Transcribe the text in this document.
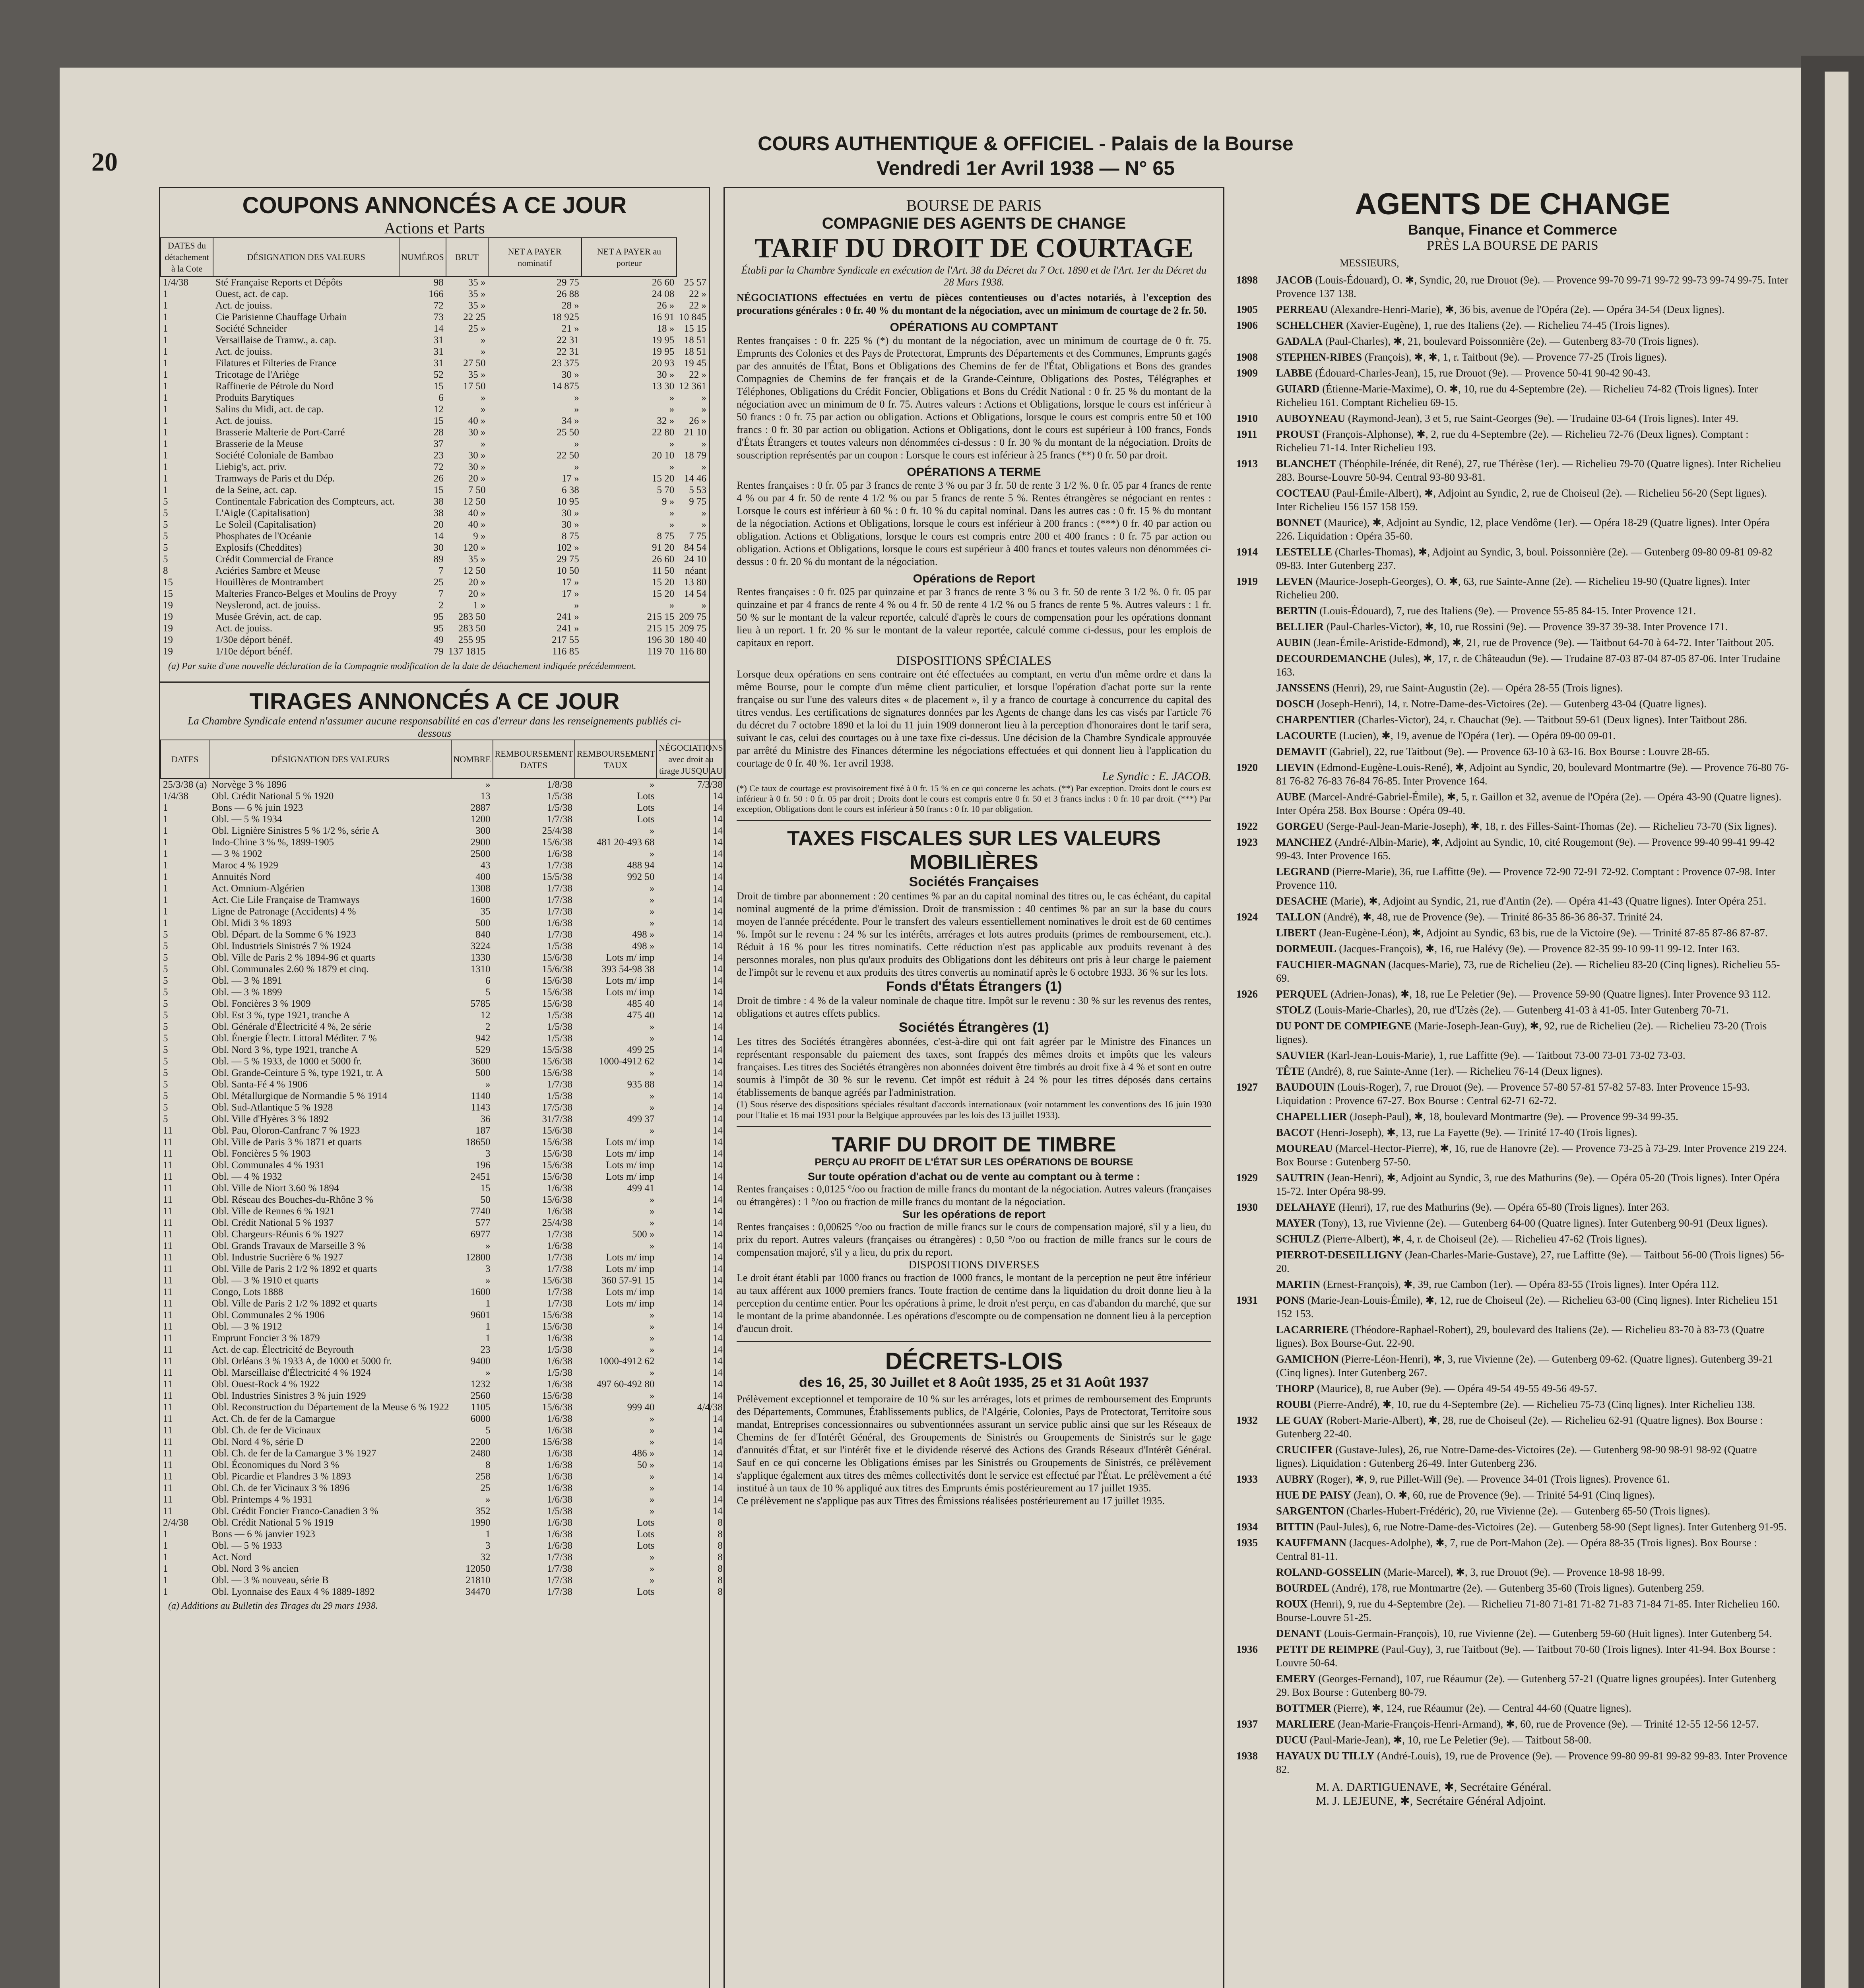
20
COURS AUTHENTIQUE & OFFICIEL - Palais de la Bourse
Vendredi 1er Avril 1938 — N° 65
COUPONS ANNONCÉS A CE JOUR
Actions et Parts
DATES du détachement à la Cote	DÉSIGNATION DES VALEURS	NUMÉROS	BRUT	NET A PAYER nominatif	NET A PAYER au porteur	
1/4/38	Sté Française Reports et Dépôts	98	35 »	29 75	26 60	25 57
1	Ouest, act. de cap.	166	35 »	26 88	24 08	22 »
1	Act. de jouiss.	72	35 »	28 »	26 »	22 »
1	Cie Parisienne Chauffage Urbain	73	22 25	18 925	16 91	10 845
1	Société Schneider	14	25 »	21 »	18 »	15 15
1	Versaillaise de Tramw., a. cap.	31	»	22 31	19 95	18 51
1	Act. de jouiss.	31	»	22 31	19 95	18 51
1	Filatures et Filteries de France	31	27 50	23 375	20 93	19 45
1	Tricotage de l'Ariège	52	35 »	30 »	30 »	22 »
1	Raffinerie de Pétrole du Nord	15	17 50	14 875	13 30	12 361
1	Produits Barytiques	6	»	»	»	»
1	Salins du Midi, act. de cap.	12	»	»	»	»
1	Act. de jouiss.	15	40 »	34 »	32 »	26 »
1	Brasserie Malterie de Port-Carré	28	30 »	25 50	22 80	21 10
1	Brasserie de la Meuse	37	»	»	»	»
1	Société Coloniale de Bambao	23	30 »	22 50	20 10	18 79
1	Liebig's, act. priv.	72	30 »	»	»	»
1	Tramways de Paris et du Dép.	26	20 »	17 »	15 20	14 46
1	de la Seine, act. cap.	15	7 50	6 38	5 70	5 53
5	Continentale Fabrication des Compteurs, act.	38	12 50	10 95	9 »	9 75
5	L'Aigle (Capitalisation)	38	40 »	30 »	»	»
5	Le Soleil (Capitalisation)	20	40 »	30 »	»	»
5	Phosphates de l'Océanie	14	9 »	8 75	8 75	7 75
5	Explosifs (Cheddites)	30	120 »	102 »	91 20	84 54
5	Crédit Commercial de France	89	35 »	29 75	26 60	24 10
8	Aciéries Sambre et Meuse	7	12 50	10 50	11 50	néant
15	Houillères de Montrambert	25	20 »	17 »	15 20	13 80
15	Malteries Franco-Belges et Moulins de Proyy	7	20 »	17 »	15 20	14 54
19	Neyslerond, act. de jouiss.	2	1 »	»	»	»
19	Musée Grévin, act. de cap.	95	283 50	241 »	215 15	209 75
19	Act. de jouiss.	95	283 50	241 »	215 15	209 75
19	1/30e déport bénéf.	49	255 95	217 55	196 30	180 40
19	1/10e déport bénéf.	79	137 1815	116 85	119 70	116 80
(a) Par suite d'une nouvelle déclaration de la Compagnie modification de la date de détachement indiquée précédemment.
TIRAGES ANNONCÉS A CE JOUR
La Chambre Syndicale entend n'assumer aucune responsabilité en cas d'erreur dans les renseignements publiés ci-dessous
DATES	DÉSIGNATION DES VALEURS	NOMBRE	REMBOURSEMENT DATES	REMBOURSEMENT TAUX	NÉGOCIATIONS avec droit au tirage JUSQU'AU
25/3/38 (a)	Norvège 3 % 1896	»	1/8/38	»	7/3/38
1/4/38	Obl. Crédit National 5 % 1920	13	1/5/38	Lots	14
1	Bons — 6 % juin 1923	2887	1/5/38	Lots	14
1	Obl. — 5 % 1934	1200	1/7/38	Lots	14
1	Obl. Lignière Sinistres 5 % 1/2 %, série A	300	25/4/38	»	14
1	Indo-Chine 3 % %, 1899-1905	2900	15/6/38	481 20-493 68	14
1	— 3 % 1902	2500	1/6/38	»	14
1	Maroc 4 % 1929	43	1/7/38	488 94	14
1	Annuités Nord	400	15/5/38	992 50	14
1	Act. Omnium-Algérien	1308	1/7/38	»	14
1	Act. Cie Lile Française de Tramways	1600	1/7/38	»	14
1	Ligne de Patronage (Accidents) 4 %	35	1/7/38	»	14
1	Obl. Midi 3 % 1893	500	1/6/38	»	14
5	Obl. Départ. de la Somme 6 % 1923	840	1/7/38	498 »	14
5	Obl. Industriels Sinistrés 7 % 1924	3224	1/5/38	498 »	14
5	Obl. Ville de Paris 2 % 1894-96 et quarts	1330	15/6/38	Lots m/ imp	14
5	Obl. Communales 2.60 % 1879 et cinq.	1310	15/6/38	393 54-98 38	14
5	Obl. — 3 % 1891	6	15/6/38	Lots m/ imp	14
5	Obl. — 3 % 1899	5	15/6/38	Lots m/ imp	14
5	Obl. Foncières 3 % 1909	5785	15/6/38	485 40	14
5	Obl. Est 3 %, type 1921, tranche A	12	1/5/38	475 40	14
5	Obl. Générale d'Électricité 4 %, 2e série	2	1/5/38	»	14
5	Obl. Énergie Électr. Littoral Méditer. 7 %	942	1/5/38	»	14
5	Obl. Nord 3 %, type 1921, tranche A	529	15/5/38	499 25	14
5	Obl. — 5 % 1933, de 1000 et 5000 fr.	3600	15/6/38	1000-4912 62	14
5	Obl. Grande-Ceinture 5 %, type 1921, tr. A	500	15/6/38	»	14
5	Obl. Santa-Fé 4 % 1906	»	1/7/38	935 88	14
5	Obl. Métallurgique de Normandie 5 % 1914	1140	1/5/38	»	14
5	Obl. Sud-Atlantique 5 % 1928	1143	17/5/38	»	14
5	Obl. Ville d'Hyères 3 % 1892	36	31/7/38	499 37	14
11	Obl. Pau, Oloron-Canfranc 7 % 1923	187	15/6/38	»	14
11	Obl. Ville de Paris 3 % 1871 et quarts	18650	15/6/38	Lots m/ imp	14
11	Obl. Foncières 5 % 1903	3	15/6/38	Lots m/ imp	14
11	Obl. Communales 4 % 1931	196	15/6/38	Lots m/ imp	14
11	Obl. — 4 % 1932	2451	15/6/38	Lots m/ imp	14
11	Obl. Ville de Niort 3.60 % 1894	15	1/6/38	499 41	14
11	Obl. Réseau des Bouches-du-Rhône 3 %	50	15/6/38	»	14
11	Obl. Ville de Rennes 6 % 1921	7740	1/6/38	»	14
11	Obl. Crédit National 5 % 1937	577	25/4/38	»	14
11	Obl. Chargeurs-Réunis 6 % 1927	6977	1/7/38	500 »	14
11	Obl. Grands Travaux de Marseille 3 %	»	1/6/38	»	14
11	Obl. Industrie Sucrière 6 % 1927	12800	1/7/38	Lots m/ imp	14
11	Obl. Ville de Paris 2 1/2 % 1892 et quarts	3	1/7/38	Lots m/ imp	14
11	Obl. — 3 % 1910 et quarts	»	15/6/38	360 57-91 15	14
11	Congo, Lots 1888	1600	1/7/38	Lots m/ imp	14
11	Obl. Ville de Paris 2 1/2 % 1892 et quarts	1	1/7/38	Lots m/ imp	14
11	Obl. Communales 2 % 1906	9601	15/6/38	»	14
11	Obl. — 3 % 1912	1	15/6/38	»	14
11	Emprunt Foncier 3 % 1879	1	1/6/38	»	14
11	Act. de cap. Électricité de Beyrouth	23	1/5/38	»	14
11	Obl. Orléans 3 % 1933 A, de 1000 et 5000 fr.	9400	1/6/38	1000-4912 62	14
11	Obl. Marseillaise d'Électricité 4 % 1924	»	1/5/38	»	14
11	Obl. Ouest-Rock 4 % 1922	1232	1/6/38	497 60-492 80	14
11	Obl. Industries Sinistres 3 % juin 1929	2560	15/6/38	»	14
11	Obl. Reconstruction du Département de la Meuse 6 % 1922	1105	15/6/38	999 40	4/4/38
11	Act. Ch. de fer de la Camargue	6000	1/6/38	»	14
11	Obl. Ch. de fer de Vicinaux	5	1/6/38	»	14
11	Obl. Nord 4 %, série D	2200	15/6/38	»	14
11	Obl. Ch. de fer de la Camargue 3 % 1927	2480	1/6/38	486 »	14
11	Obl. Économiques du Nord 3 %	8	1/6/38	50 »	14
11	Obl. Picardie et Flandres 3 % 1893	258	1/6/38	»	14
11	Obl. Ch. de fer Vicinaux 3 % 1896	25	1/6/38	»	14
11	Obl. Printemps 4 % 1931	»	1/6/38	»	14
11	Obl. Crédit Foncier Franco-Canadien 3 %	352	1/5/38	»	14
2/4/38	Obl. Crédit National 5 % 1919	1990	1/6/38	Lots	8
1	Bons — 6 % janvier 1923	1	1/6/38	Lots	8
1	Obl. — 5 % 1933	3	1/6/38	Lots	8
1	Act. Nord	32	1/7/38	»	8
1	Obl. Nord 3 % ancien	12050	1/7/38	»	8
1	Obl. — 3 % nouveau, série B	21810	1/7/38	»	8
1	Obl. Lyonnaise des Eaux 4 % 1889-1892	34470	1/7/38	Lots	8
(a) Additions au Bulletin des Tirages du 29 mars 1938.
BOURSE DE PARIS
COMPAGNIE DES AGENTS DE CHANGE
TARIF DU DROIT DE COURTAGE
Établi par la Chambre Syndicale en exécution de l'Art. 38 du Décret du 7 Oct. 1890 et de l'Art. 1er du Décret du 28 Mars 1938.
NÉGOCIATIONS effectuées en vertu de pièces contentieuses ou d'actes notariés, à l'exception des procurations générales : 0 fr. 40 % du montant de la négociation, avec un minimum de courtage de 2 fr. 50.
OPÉRATIONS AU COMPTANT
Rentes françaises : 0 fr. 225 % (*) du montant de la négociation, avec un minimum de courtage de 0 fr. 75. Emprunts des Colonies et des Pays de Protectorat, Emprunts des Départements et des Communes, Emprunts gagés par des annuités de l'État, Bons et Obligations des Chemins de fer de l'État, Obligations et Bons des grandes Compagnies de Chemins de fer français et de la Grande-Ceinture, Obligations des Postes, Télégraphes et Téléphones, Obligations du Crédit Foncier, Obligations et Bons du Crédit National : 0 fr. 25 % du montant de la négociation avec un minimum de 0 fr. 75. Autres valeurs : Actions et Obligations, lorsque le cours est inférieur à 50 francs : 0 fr. 75 par action ou obligation. Actions et Obligations, lorsque le cours est compris entre 50 et 100 francs : 0 fr. 30 par action ou obligation. Actions et Obligations, dont le cours est supérieur à 100 francs, Fonds d'États Étrangers et toutes valeurs non dénommées ci-dessus : 0 fr. 30 % du montant de la négociation. Droits de souscription représentés par un coupon : Lorsque le cours est inférieur à 25 francs (**) 0 fr. 50 par droit.
OPÉRATIONS A TERME
Rentes françaises : 0 fr. 05 par 3 francs de rente 3 % ou par 3 fr. 50 de rente 3 1/2 %. 0 fr. 05 par 4 francs de rente 4 % ou par 4 fr. 50 de rente 4 1/2 % ou par 5 francs de rente 5 %. Rentes étrangères se négociant en rentes : Lorsque le cours est inférieur à 60 % : 0 fr. 10 % du capital nominal. Dans les autres cas : 0 fr. 15 % du montant de la négociation. Actions et Obligations, lorsque le cours est inférieur à 200 francs : (***) 0 fr. 40 par action ou obligation. Actions et Obligations, lorsque le cours est compris entre 200 et 400 francs : 0 fr. 75 par action ou obligation. Actions et Obligations, lorsque le cours est supérieur à 400 francs et toutes valeurs non dénommées ci-dessus : 0 fr. 20 % du montant de la négociation.
Opérations de Report
Rentes françaises : 0 fr. 025 par quinzaine et par 3 francs de rente 3 % ou 3 fr. 50 de rente 3 1/2 %. 0 fr. 05 par quinzaine et par 4 francs de rente 4 % ou 4 fr. 50 de rente 4 1/2 % ou 5 francs de rente 5 %. Autres valeurs : 1 fr. 50 % sur le montant de la valeur reportée, calculé d'après le cours de compensation pour les opérations donnant lieu à un report. 1 fr. 20 % sur le montant de la valeur reportée, calculé comme ci-dessus, pour les emplois de capitaux en report.
DISPOSITIONS SPÉCIALES
Lorsque deux opérations en sens contraire ont été effectuées au comptant, en vertu d'un même ordre et dans la même Bourse, pour le compte d'un même client particulier, et lorsque l'opération d'achat porte sur la rente française ou sur l'une des valeurs dites « de placement », il y a franco de courtage à concurrence du capital des titres vendus. Les certifications de signatures données par les Agents de change dans les cas visés par l'article 76 du décret du 7 octobre 1890 et la loi du 11 juin 1909 donneront lieu à la perception d'honoraires dont le tarif sera, suivant le cas, celui des courtages ou à une taxe fixe ci-dessus. Une décision de la Chambre Syndicale approuvée par arrêté du Ministre des Finances détermine les négociations effectuées et qui donnent lieu à l'application du courtage de 0 fr. 40 %. 1er avril 1938.
Le Syndic : E. JACOB.
(*) Ce taux de courtage est provisoirement fixé à 0 fr. 15 % en ce qui concerne les achats. (**) Par exception. Droits dont le cours est inférieur à 0 fr. 50 : 0 fr. 05 par droit ; Droits dont le cours est compris entre 0 fr. 50 et 3 francs inclus : 0 fr. 10 par droit. (***) Par exception, Obligations dont le cours est inférieur à 50 francs : 0 fr. 10 par obligation.
TAXES FISCALES SUR LES VALEURS MOBILIÈRES
Sociétés Françaises
Droit de timbre par abonnement : 20 centimes % par an du capital nominal des titres ou, le cas échéant, du capital nominal augmenté de la prime d'émission. Droit de transmission : 40 centimes % par an sur la base du cours moyen de l'année précédente. Pour le transfert des valeurs essentiellement nominatives le droit est de 60 centimes %. Impôt sur le revenu : 24 % sur les intérêts, arrérages et lots autres produits (primes de remboursement, etc.). Réduit à 16 % pour les titres nominatifs. Cette réduction n'est pas applicable aux produits revenant à des personnes morales, non plus qu'aux produits des Obligations dont les débiteurs ont pris à leur charge le paiement de l'impôt sur le revenu et aux produits des titres convertis au nominatif après le 6 octobre 1933. 36 % sur les lots.
Fonds d'États Étrangers (1)
Droit de timbre : 4 % de la valeur nominale de chaque titre. Impôt sur le revenu : 30 % sur les revenus des rentes, obligations et autres effets publics.
Sociétés Étrangères (1)
Les titres des Sociétés étrangères abonnées, c'est-à-dire qui ont fait agréer par le Ministre des Finances un représentant responsable du paiement des taxes, sont frappés des mêmes droits et impôts que les valeurs françaises. Les titres des Sociétés étrangères non abonnées doivent être timbrés au droit fixe à 4 % et sont en outre soumis à l'impôt de 30 % sur le revenu. Cet impôt est réduit à 24 % pour les titres déposés dans certains établissements de banque agréés par l'administration.
(1) Sous réserve des dispositions spéciales résultant d'accords internationaux (voir notamment les conventions des 16 juin 1930 pour l'Italie et 16 mai 1931 pour la Belgique approuvées par les lois des 13 juillet 1933).
TARIF DU DROIT DE TIMBRE
PERÇU AU PROFIT DE L'ÉTAT SUR LES OPÉRATIONS DE BOURSE
Sur toute opération d'achat ou de vente au comptant ou à terme :
Rentes françaises : 0,0125 °/oo ou fraction de mille francs du montant de la négociation. Autres valeurs (françaises ou étrangères) : 1 °/oo ou fraction de mille francs du montant de la négociation.
Sur les opérations de report
Rentes françaises : 0,00625 °/oo ou fraction de mille francs sur le cours de compensation majoré, s'il y a lieu, du prix du report. Autres valeurs (françaises ou étrangères) : 0,50 °/oo ou fraction de mille francs sur le cours de compensation majoré, s'il y a lieu, du prix du report.
DISPOSITIONS DIVERSES
Le droit étant établi par 1000 francs ou fraction de 1000 francs, le montant de la perception ne peut être inférieur au taux afférent aux 1000 premiers francs. Toute fraction de centime dans la liquidation du droit donne lieu à la perception du centime entier. Pour les opérations à prime, le droit n'est perçu, en cas d'abandon du marché, que sur le montant de la prime abandonnée. Les opérations d'escompte ou de compensation ne donnent lieu à la perception d'aucun droit.
DÉCRETS-LOIS
des 16, 25, 30 Juillet et 8 Août 1935, 25 et 31 Août 1937
Prélèvement exceptionnel et temporaire de 10 % sur les arrérages, lots et primes de remboursement des Emprunts des Départements, Communes, Établissements publics, de l'Algérie, Colonies, Pays de Protectorat, Territoire sous mandat, Entreprises concessionnaires ou subventionnées assurant un service public ainsi que sur les Réseaux de Chemins de fer d'Intérêt Général, des Groupements de Sinistrés ou Groupements de Sinistrés sur le gage d'annuités d'État, et sur l'intérêt fixe et le dividende réservé des Actions des Grands Réseaux d'Intérêt Général. Sauf en ce qui concerne les Obligations émises par les Sinistrés ou Groupements de Sinistrés, ce prélèvement s'applique également aux titres des mêmes collectivités dont le service est effectué par l'État. Le prélèvement a été institué à un taux de 10 % appliqué aux titres des Emprunts émis postérieurement au 17 juillet 1935.
Ce prélèvement ne s'applique pas aux Titres des Émissions réalisées postérieurement au 17 juillet 1935.
AGENTS DE CHANGE
Banque, Finance et Commerce
PRÈS LA BOURSE DE PARIS
MESSIEURS,
1898 JACOB (Louis-Édouard), O. ✱, Syndic, 20, rue Drouot (9e). — Provence 99-70 99-71 99-72 99-73 99-74 99-75. Inter Provence 137 138.
1905 PERREAU (Alexandre-Henri-Marie), ✱, 36 bis, avenue de l'Opéra (2e). — Opéra 34-54 (Deux lignes).
1906 SCHELCHER (Xavier-Eugène), 1, rue des Italiens (2e). — Richelieu 74-45 (Trois lignes).
GADALA (Paul-Charles), ✱, 21, boulevard Poissonnière (2e). — Gutenberg 83-70 (Trois lignes).
1908 STEPHEN-RIBES (François), ✱, ✱, 1, r. Taitbout (9e). — Provence 77-25 (Trois lignes).
1909 LABBE (Édouard-Charles-Jean), 15, rue Drouot (9e). — Provence 50-41 90-42 90-43.
GUIARD (Étienne-Marie-Maxime), O. ✱, 10, rue du 4-Septembre (2e). — Richelieu 74-82 (Trois lignes). Inter Richelieu 161. Comptant Richelieu 69-15.
1910 AUBOYNEAU (Raymond-Jean), 3 et 5, rue Saint-Georges (9e). — Trudaine 03-64 (Trois lignes). Inter 49.
1911 PROUST (François-Alphonse), ✱, 2, rue du 4-Septembre (2e). — Richelieu 72-76 (Deux lignes). Comptant : Richelieu 71-14. Inter Richelieu 193.
1913 BLANCHET (Théophile-Irénée, dit René), 27, rue Thérèse (1er). — Richelieu 79-70 (Quatre lignes). Inter Richelieu 283. Bourse-Louvre 50-94. Central 93-80 93-81.
COCTEAU (Paul-Émile-Albert), ✱, Adjoint au Syndic, 2, rue de Choiseul (2e). — Richelieu 56-20 (Sept lignes). Inter Richelieu 156 157 158 159.
BONNET (Maurice), ✱, Adjoint au Syndic, 12, place Vendôme (1er). — Opéra 18-29 (Quatre lignes). Inter Opéra 226. Liquidation : Opéra 35-60.
1914 LESTELLE (Charles-Thomas), ✱, Adjoint au Syndic, 3, boul. Poissonnière (2e). — Gutenberg 09-80 09-81 09-82 09-83. Inter Gutenberg 237.
1919 LEVEN (Maurice-Joseph-Georges), O. ✱, 63, rue Sainte-Anne (2e). — Richelieu 19-90 (Quatre lignes). Inter Richelieu 200.
BERTIN (Louis-Édouard), 7, rue des Italiens (9e). — Provence 55-85 84-15. Inter Provence 121.
BELLIER (Paul-Charles-Victor), ✱, 10, rue Rossini (9e). — Provence 39-37 39-38. Inter Provence 171.
AUBIN (Jean-Émile-Aristide-Edmond), ✱, 21, rue de Provence (9e). — Taitbout 64-70 à 64-72. Inter Taitbout 205.
DECOURDEMANCHE (Jules), ✱, 17, r. de Châteaudun (9e). — Trudaine 87-03 87-04 87-05 87-06. Inter Trudaine 163.
JANSSENS (Henri), 29, rue Saint-Augustin (2e). — Opéra 28-55 (Trois lignes).
DOSCH (Joseph-Henri), 14, r. Notre-Dame-des-Victoires (2e). — Gutenberg 43-04 (Quatre lignes).
CHARPENTIER (Charles-Victor), 24, r. Chauchat (9e). — Taitbout 59-61 (Deux lignes). Inter Taitbout 286.
LACOURTE (Lucien), ✱, 19, avenue de l'Opéra (1er). — Opéra 09-00 09-01.
DEMAVIT (Gabriel), 22, rue Taitbout (9e). — Provence 63-10 à 63-16. Box Bourse : Louvre 28-65.
1920 LIEVIN (Edmond-Eugène-Louis-René), ✱, Adjoint au Syndic, 20, boulevard Montmartre (9e). — Provence 76-80 76-81 76-82 76-83 76-84 76-85. Inter Provence 164.
AUBE (Marcel-André-Gabriel-Émile), ✱, 5, r. Gaillon et 32, avenue de l'Opéra (2e). — Opéra 43-90 (Quatre lignes). Inter Opéra 258. Box Bourse : Opéra 09-40.
1922 GORGEU (Serge-Paul-Jean-Marie-Joseph), ✱, 18, r. des Filles-Saint-Thomas (2e). — Richelieu 73-70 (Six lignes).
1923 MANCHEZ (André-Albin-Marie), ✱, Adjoint au Syndic, 10, cité Rougemont (9e). — Provence 99-40 99-41 99-42 99-43. Inter Provence 165.
LEGRAND (Pierre-Marie), 36, rue Laffitte (9e). — Provence 72-90 72-91 72-92. Comptant : Provence 07-98. Inter Provence 110.
DESACHE (Marie), ✱, Adjoint au Syndic, 21, rue d'Antin (2e). — Opéra 41-43 (Quatre lignes). Inter Opéra 251.
1924 TALLON (André), ✱, 48, rue de Provence (9e). — Trinité 86-35 86-36 86-37. Trinité 24.
LIBERT (Jean-Eugène-Léon), ✱, Adjoint au Syndic, 63 bis, rue de la Victoire (9e). — Trinité 87-85 87-86 87-87.
DORMEUIL (Jacques-François), ✱, 16, rue Halévy (9e). — Provence 82-35 99-10 99-11 99-12. Inter 163.
FAUCHIER-MAGNAN (Jacques-Marie), 73, rue de Richelieu (2e). — Richelieu 83-20 (Cinq lignes). Richelieu 55-69.
1926 PERQUEL (Adrien-Jonas), ✱, 18, rue Le Peletier (9e). — Provence 59-90 (Quatre lignes). Inter Provence 93 112.
STOLZ (Louis-Marie-Charles), 20, rue d'Uzès (2e). — Gutenberg 41-03 à 41-05. Inter Gutenberg 70-71.
DU PONT DE COMPIEGNE (Marie-Joseph-Jean-Guy), ✱, 92, rue de Richelieu (2e). — Richelieu 73-20 (Trois lignes).
SAUVIER (Karl-Jean-Louis-Marie), 1, rue Laffitte (9e). — Taitbout 73-00 73-01 73-02 73-03.
TÊTE (André), 8, rue Sainte-Anne (1er). — Richelieu 76-14 (Deux lignes).
1927 BAUDOUIN (Louis-Roger), 7, rue Drouot (9e). — Provence 57-80 57-81 57-82 57-83. Inter Provence 15-93. Liquidation : Provence 67-27. Box Bourse : Central 62-71 62-72.
CHAPELLIER (Joseph-Paul), ✱, 18, boulevard Montmartre (9e). — Provence 99-34 99-35.
BACOT (Henri-Joseph), ✱, 13, rue La Fayette (9e). — Trinité 17-40 (Trois lignes).
MOUREAU (Marcel-Hector-Pierre), ✱, 16, rue de Hanovre (2e). — Provence 73-25 à 73-29. Inter Provence 219 224. Box Bourse : Gutenberg 57-50.
1929 SAUTRIN (Jean-Henri), ✱, Adjoint au Syndic, 3, rue des Mathurins (9e). — Opéra 05-20 (Trois lignes). Inter Opéra 15-72. Inter Opéra 98-99.
1930 DELAHAYE (Henri), 17, rue des Mathurins (9e). — Opéra 65-80 (Trois lignes). Inter 263.
MAYER (Tony), 13, rue Vivienne (2e). — Gutenberg 64-00 (Quatre lignes). Inter Gutenberg 90-91 (Deux lignes).
SCHULZ (Pierre-Albert), ✱, 4, r. de Choiseul (2e). — Richelieu 47-62 (Trois lignes).
PIERROT-DESEILLIGNY (Jean-Charles-Marie-Gustave), 27, rue Laffitte (9e). — Taitbout 56-00 (Trois lignes) 56-20.
MARTIN (Ernest-François), ✱, 39, rue Cambon (1er). — Opéra 83-55 (Trois lignes). Inter Opéra 112.
1931 PONS (Marie-Jean-Louis-Émile), ✱, 12, rue de Choiseul (2e). — Richelieu 63-00 (Cinq lignes). Inter Richelieu 151 152 153.
LACARRIERE (Théodore-Raphael-Robert), 29, boulevard des Italiens (2e). — Richelieu 83-70 à 83-73 (Quatre lignes). Box Bourse-Gut. 22-90.
GAMICHON (Pierre-Léon-Henri), ✱, 3, rue Vivienne (2e). — Gutenberg 09-62. (Quatre lignes). Gutenberg 39-21 (Cinq lignes). Inter Gutenberg 267.
THORP (Maurice), 8, rue Auber (9e). — Opéra 49-54 49-55 49-56 49-57.
ROUBI (Pierre-André), ✱, 10, rue du 4-Septembre (2e). — Richelieu 75-73 (Cinq lignes). Inter Richelieu 138.
1932 LE GUAY (Robert-Marie-Albert), ✱, 28, rue de Choiseul (2e). — Richelieu 62-91 (Quatre lignes). Box Bourse : Gutenberg 22-40.
CRUCIFER (Gustave-Jules), 26, rue Notre-Dame-des-Victoires (2e). — Gutenberg 98-90 98-91 98-92 (Quatre lignes). Liquidation : Gutenberg 26-49. Inter Gutenberg 236.
1933 AUBRY (Roger), ✱, 9, rue Pillet-Will (9e). — Provence 34-01 (Trois lignes). Provence 61.
HUE DE PAISY (Jean), O. ✱, 60, rue de Provence (9e). — Trinité 54-91 (Cinq lignes).
SARGENTON (Charles-Hubert-Frédéric), 20, rue Vivienne (2e). — Gutenberg 65-50 (Trois lignes).
1934 BITTIN (Paul-Jules), 6, rue Notre-Dame-des-Victoires (2e). — Gutenberg 58-90 (Sept lignes). Inter Gutenberg 91-95.
1935 KAUFFMANN (Jacques-Adolphe), ✱, 7, rue de Port-Mahon (2e). — Opéra 88-35 (Trois lignes). Box Bourse : Central 81-11.
ROLAND-GOSSELIN (Marie-Marcel), ✱, 3, rue Drouot (9e). — Provence 18-98 18-99.
BOURDEL (André), 178, rue Montmartre (2e). — Gutenberg 35-60 (Trois lignes). Gutenberg 259.
ROUX (Henri), 9, rue du 4-Septembre (2e). — Richelieu 71-80 71-81 71-82 71-83 71-84 71-85. Inter Richelieu 160. Bourse-Louvre 51-25.
DENANT (Louis-Germain-François), 10, rue Vivienne (2e). — Gutenberg 59-60 (Huit lignes). Inter Gutenberg 54.
1936 PETIT DE REIMPRE (Paul-Guy), 3, rue Taitbout (9e). — Taitbout 70-60 (Trois lignes). Inter 41-94. Box Bourse : Louvre 50-64.
EMERY (Georges-Fernand), 107, rue Réaumur (2e). — Gutenberg 57-21 (Quatre lignes groupées). Inter Gutenberg 29. Box Bourse : Gutenberg 80-79.
BOTTMER (Pierre), ✱, 124, rue Réaumur (2e). — Central 44-60 (Quatre lignes).
1937 MARLIERE (Jean-Marie-François-Henri-Armand), ✱, 60, rue de Provence (9e). — Trinité 12-55 12-56 12-57.
DUCU (Paul-Marie-Jean), ✱, 10, rue Le Peletier (9e). — Taitbout 58-00.
1938 HAYAUX DU TILLY (André-Louis), 19, rue de Provence (9e). — Provence 99-80 99-81 99-82 99-83. Inter Provence 82.
M. A. DARTIGUENAVE, ✱, Secrétaire Général.
M. J. LEJEUNE, ✱, Secrétaire Général Adjoint.
